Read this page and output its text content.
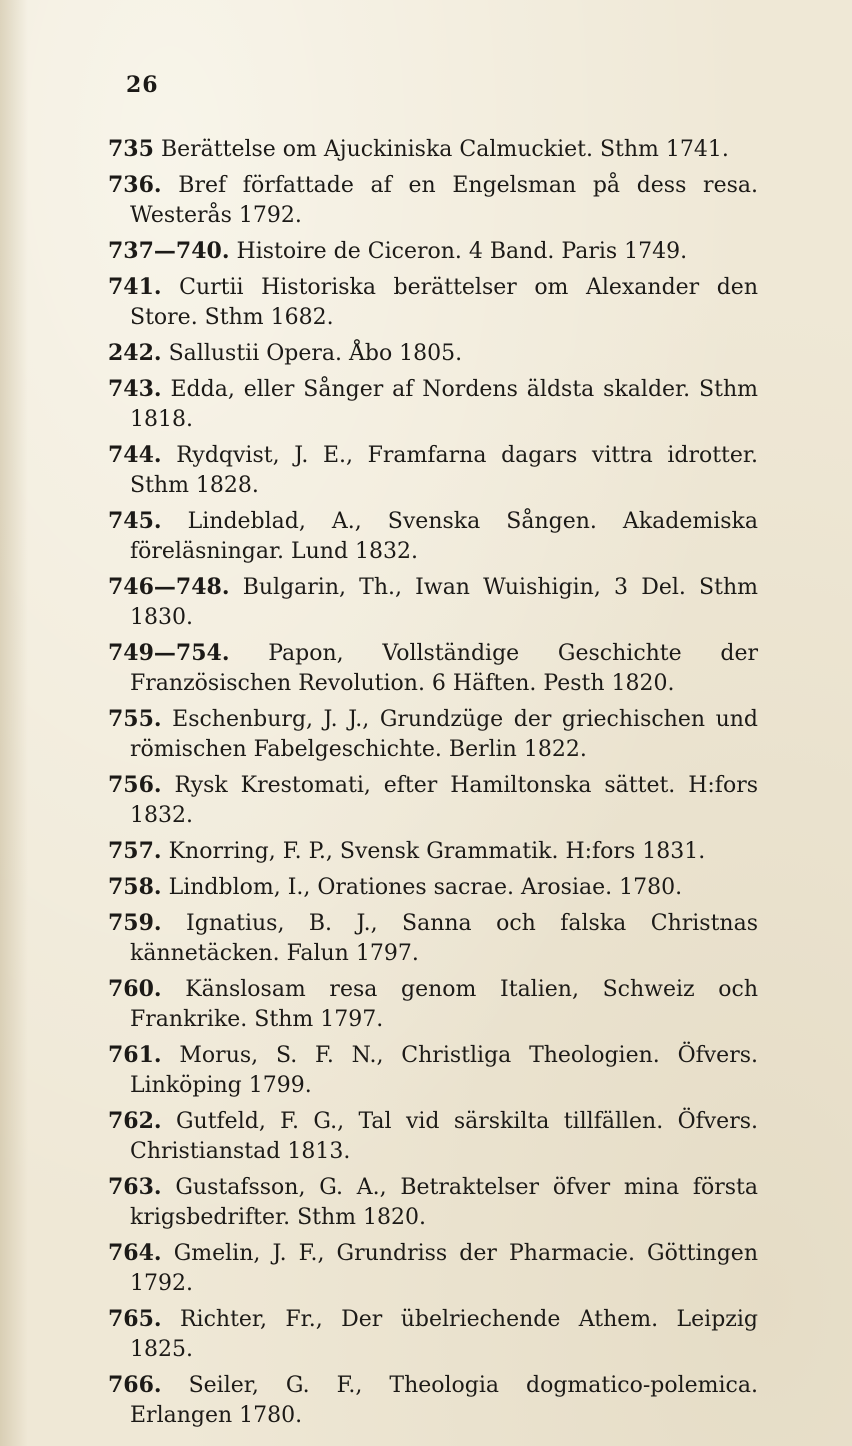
26
735 Berättelse om Ajuckiniska Calmuckiet. Sthm 1741.
736. Bref författade af en Engelsman på dess resa. Westerås 1792.
737—740. Histoire de Ciceron. 4 Band. Paris 1749.
741. Curtii Historiska berättelser om Alexander den Store. Sthm 1682.
242. Sallustii Opera. Åbo 1805.
743. Edda, eller Sånger af Nordens äldsta skalder. Sthm 1818.
744. Rydqvist, J. E., Framfarna dagars vittra idrotter. Sthm 1828.
745. Lindeblad, A., Svenska Sången. Akademiska föreläsningar. Lund 1832.
746—748. Bulgarin, Th., Iwan Wuishigin, 3 Del. Sthm 1830.
749—754. Papon, Vollständige Geschichte der Französischen Revolution. 6 Häften. Pesth 1820.
755. Eschenburg, J. J., Grundzüge der griechischen und römischen Fabelgeschichte. Berlin 1822.
756. Rysk Krestomati, efter Hamiltonska sättet. H:fors 1832.
757. Knorring, F. P., Svensk Grammatik. H:fors 1831.
758. Lindblom, I., Orationes sacrae. Arosiae. 1780.
759. Ignatius, B. J., Sanna och falska Christnas kännetäcken. Falun 1797.
760. Känslosam resa genom Italien, Schweiz och Frankrike. Sthm 1797.
761. Morus, S. F. N., Christliga Theologien. Öfvers. Linköping 1799.
762. Gutfeld, F. G., Tal vid särskilta tillfällen. Öfvers. Christianstad 1813.
763. Gustafsson, G. A., Betraktelser öfver mina första krigsbedrifter. Sthm 1820.
764. Gmelin, J. F., Grundriss der Pharmacie. Göttingen 1792.
765. Richter, Fr., Der übelriechende Athem. Leipzig 1825.
766. Seiler, G. F., Theologia dogmatico-polemica. Erlangen 1780.
